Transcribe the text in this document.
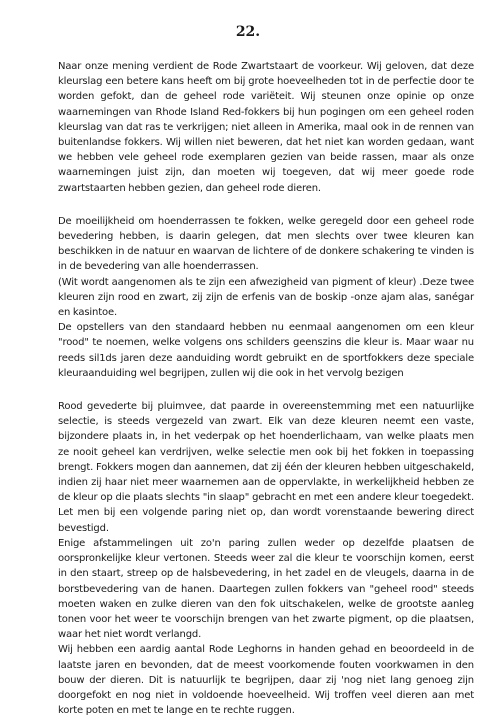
22.

Naar onze mening verdient de Rode Zwartstaart de voorkeur. Wij geloven, dat deze kleurslag een betere kans heeft om bij grote hoeveelheden tot in de perfectie door te worden gefokt, dan de geheel rode variëteit. Wij steunen onze opinie op onze waarnemingen van Rhode Island Red-fokkers bij hun pogingen om een geheel roden kleurslag van dat ras te verkrijgen; niet alleen in Amerika, maal ook in de rennen van buitenlandse fokkers. Wij willen niet beweren, dat het niet kan worden gedaan, want we hebben vele geheel rode exemplaren gezien van beide rassen, maar als onze waarnemingen juist zijn, dan moeten wij toegeven, dat wij meer goede rode zwartstaarten hebben gezien, dan geheel rode dieren.

De moeilijkheid om hoenderrassen te fokken, welke geregeld door een geheel rode bevedering hebben, is daarin gelegen, dat men slechts over twee kleuren kan beschikken in de natuur en waarvan de lichtere of de donkere schakering te vinden is in de bevedering van alle hoenderrassen.

(Wit wordt aangenomen als te zijn een afwezigheid van pigment of kleur) .Deze twee kleuren zijn rood en zwart, zij zijn de erfenis van de boskip -onze ajam alas, sanégar en kasintoe.

De opstellers van den standaard hebben nu eenmaal aangenomen om een kleur "rood" te noemen, welke volgens ons schilders geenszins die kleur is. Maar waar nu reeds sil1ds jaren deze aanduiding wordt gebruikt en de sportfokkers deze speciale kleuraanduiding wel begrijpen, zullen wij die ook in het vervolg bezigen

Rood gevederte bij pluimvee, dat paarde in overeenstemming met een natuurlijke selectie, is steeds vergezeld van zwart. Elk van deze kleuren neemt een vaste, bijzondere plaats in, in het vederpak op het hoenderlichaam, van welke plaats men ze nooit geheel kan verdrijven, welke selectie men ook bij het fokken in toepassing brengt. Fokkers mogen dan aannemen, dat zij één der kleuren hebben uitgeschakeld, indien zij haar niet meer waarnemen aan de oppervlakte, in werkelijkheid hebben ze de kleur op die plaats slechts "in slaap" gebracht en met een andere kleur toegedekt. Let men bij een volgende paring niet op, dan wordt vorenstaande bewering direct bevestigd.

Enige afstammelingen uit zo'n paring zullen weder op dezelfde plaatsen de oorspronkelijke kleur vertonen. Steeds weer zal die kleur te voorschijn komen, eerst in den staart, streep op de halsbevedering, in het zadel en de vleugels, daarna in de borstbevedering van de hanen. Daartegen zullen fokkers van "geheel rood" steeds moeten waken en zulke dieren van den fok uitschakelen, welke de grootste aanleg tonen voor het weer te voorschijn brengen van het zwarte pigment, op die plaatsen, waar het niet wordt verlangd.

Wij hebben een aardig aantal Rode Leghorns in handen gehad en beoordeeld in de laatste jaren en bevonden, dat de meest voorkomende fouten voorkwamen in den bouw der dieren. Dit is natuurlijk te begrijpen, daar zij 'nog niet lang genoeg zijn doorgefokt en nog niet in voldoende hoeveelheid. Wij troffen veel dieren aan met korte poten en met te lange en te rechte ruggen.
